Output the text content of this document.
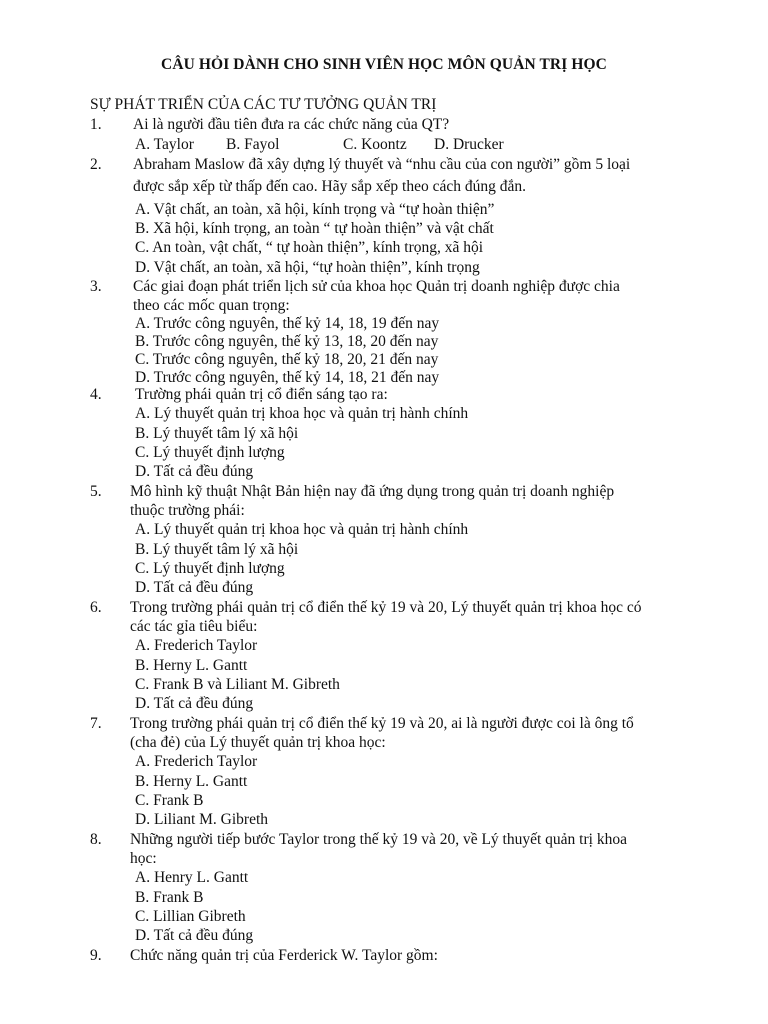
CÂU HỎI DÀNH CHO SINH VIÊN HỌC MÔN QUẢN TRỊ HỌC
SỰ PHÁT TRIỂN CỦA CÁC TƯ TƯỞNG QUẢN TRỊ
1. Ai là người đầu tiên đưa ra các chức năng của QT?
A. Taylor B. Fayol	C. Koontz D. Drucker
2. Abraham Maslow đã xây dựng lý thuyết và “nhu cầu của con người” gồm 5 loại
được sắp xếp từ thấp đến cao. Hãy sắp xếp theo cách đúng đắn.
A. Vật chất, an toàn, xã hội, kính trọng và “tự hoàn thiện”
B. Xã hội, kính trọng, an toàn “ tự hoàn thiện” và vật chất
C. An toàn, vật chất, “ tự hoàn thiện”, kính trọng, xã hội
D. Vật chất, an toàn, xã hội, “tự hoàn thiện”, kính trọng
3. Các giai đoạn phát triển lịch sử của khoa học Quản trị doanh nghiệp được chia
theo các mốc quan trọng:
A. Trước công nguyên, thế kỷ 14, 18, 19 đến nay
B. Trước công nguyên, thế kỷ 13, 18, 20 đến nay
C. Trước công nguyên, thế kỷ 18, 20, 21 đến nay
D. Trước công nguyên, thế kỷ 14, 18, 21 đến nay
4. Trường phái quản trị cổ điển sáng tạo ra:
A. Lý thuyết quản trị khoa học và quản trị hành chính
B. Lý thuyết tâm lý xã hội
C. Lý thuyết định lượng
D. Tất cả đều đúng
5. Mô hình kỹ thuật Nhật Bản hiện nay đã ứng dụng trong quản trị doanh nghiệp
thuộc trường phái:
A. Lý thuyết quản trị khoa học và quản trị hành chính
B. Lý thuyết tâm lý xã hội
C. Lý thuyết định lượng
D. Tất cả đều đúng
6. Trong trường phái quản trị cổ điển thế kỷ 19 và 20, Lý thuyết quản trị khoa học có
các tác gỉa tiêu biểu:
A. Frederich Taylor
B. Herny L. Gantt
C. Frank B và Liliant M. Gibreth
D. Tất cả đều đúng
7. Trong trường phái quản trị cổ điển thế kỷ 19 và 20, ai là người được coi là ông tổ
(cha đẻ) của Lý thuyết quản trị khoa học:
A. Frederich Taylor
B. Herny L. Gantt
C. Frank B
D. Liliant M. Gibreth
8. Những người tiếp bước Taylor trong thế kỷ 19 và 20, về Lý thuyết quản trị khoa
học:
A. Henry L. Gantt
B. Frank B
C. Lillian Gibreth
D. Tất cả đều đúng
9. Chức năng quản trị của Ferderick W. Taylor gồm:
